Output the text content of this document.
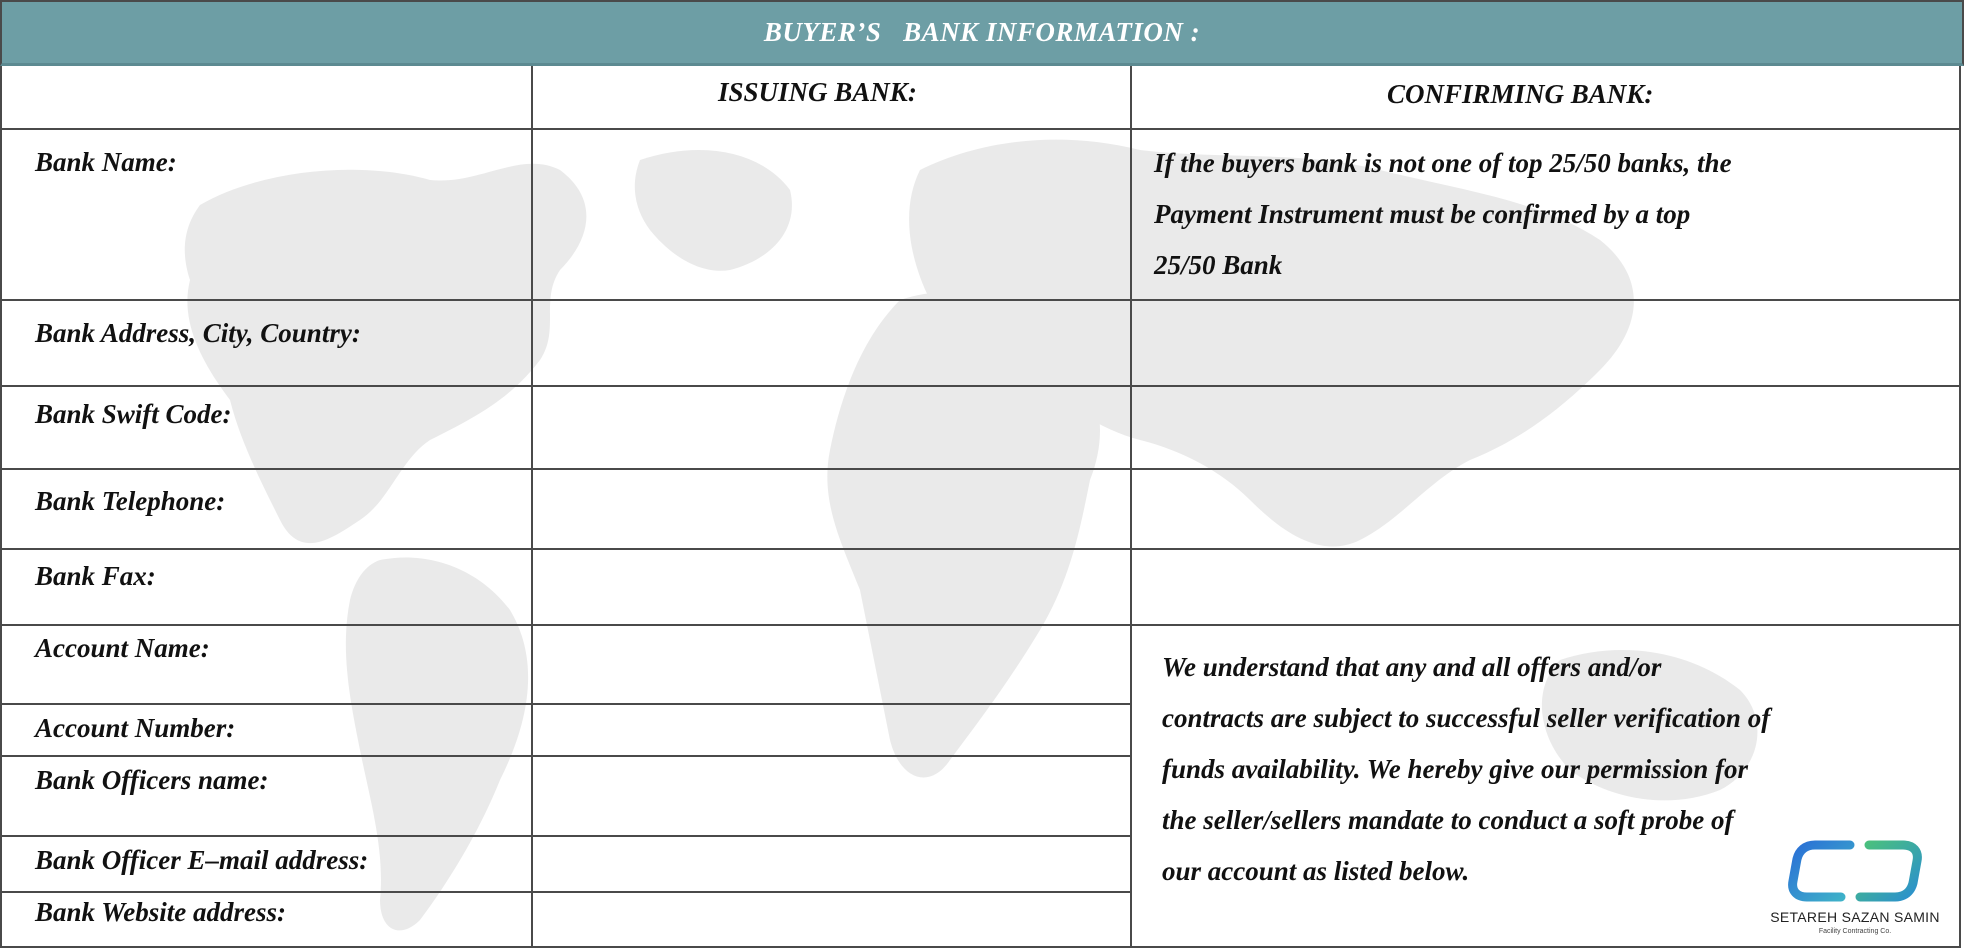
BUYER’S   BANK INFORMATION :
ISSUING BANK:	CONFIRMING BANK:
Bank Name:	If the buyers bank is not one of top 25/50 banks, the
Payment Instrument must be confirmed by a top
25/50 Bank
Bank Address, City, Country:
Bank Swift Code:
Bank Telephone:
Bank Fax:
Account Name:
Account Number:
Bank Officers name:
Bank Officer E–mail address:
Bank Website address:
We understand that any and all offers and/or
contracts are subject to successful seller verification of
funds availability. We hereby give our permission for
the seller/sellers mandate to conduct a soft probe of
our account as listed below.
SETAREH SAZAN SAMIN
Facility Contracting Co.
